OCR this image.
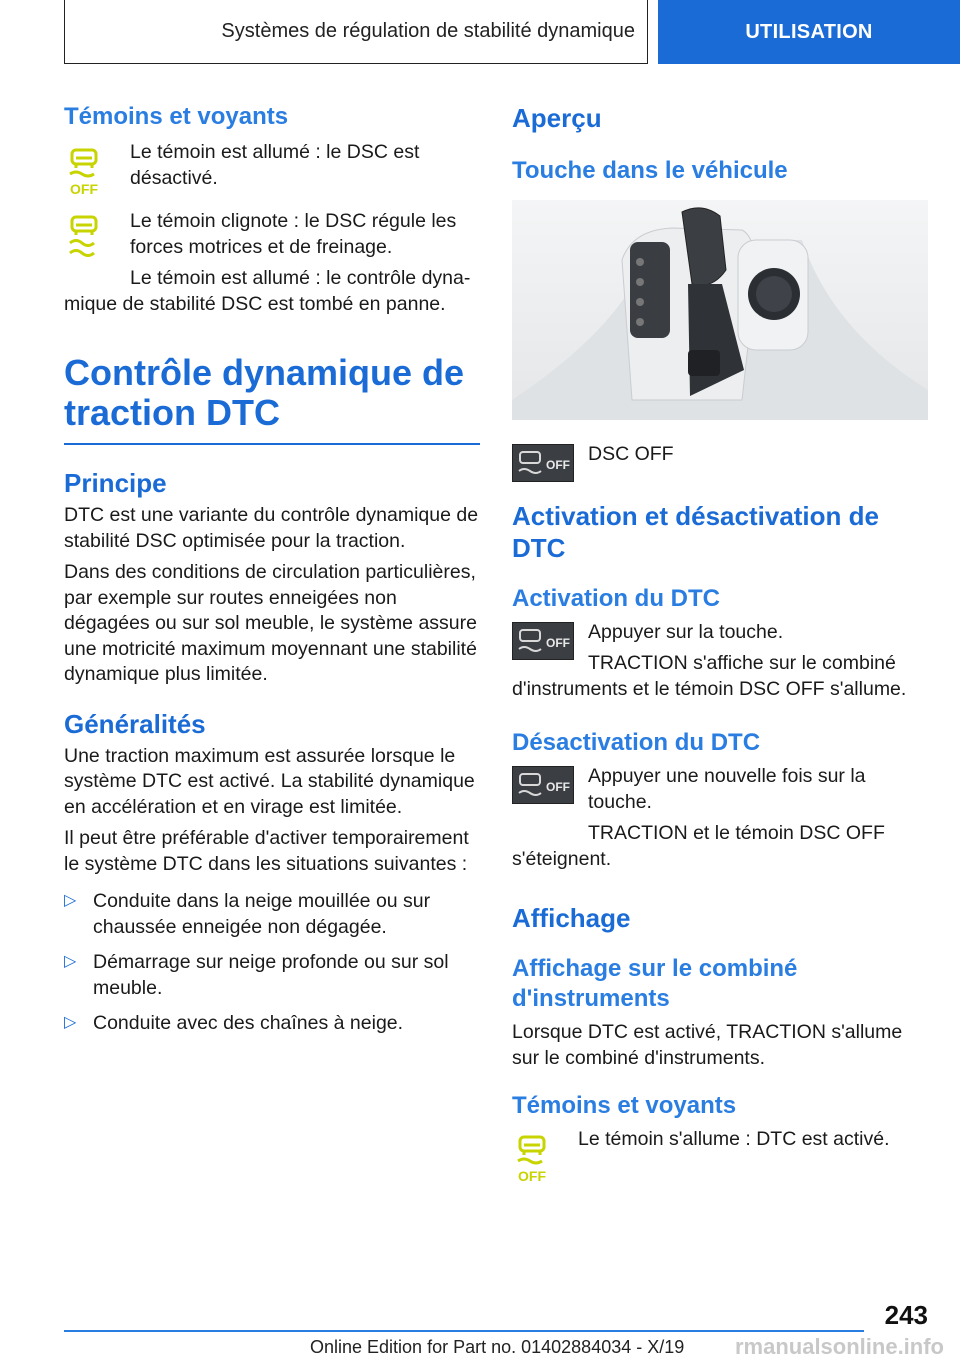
Systèmes de régulation de stabilité dynamique	UTILISATION
Témoins et voyants
OFF

Le témoin est allumé : le DSC est désactivé.

Le témoin clignote : le DSC régule les forces motrices et de freinage.

Le témoin est allumé : le contrôle dynamique de stabilité DSC est tombé en panne.

Contrôle dynamique de traction DTC
Principe

DTC est une variante du contrôle dynamique de stabilité DSC optimisée pour la traction.

Dans des conditions de circulation particulières, par exemple sur routes enneigées non dégagées ou sur sol meuble, le système assure une motricité maximum moyennant une stabilité dynamique plus limitée.

Généralités

Une traction maximum est assurée lorsque le système DTC est activé. La stabilité dynamique en accélération et en virage est limitée.

Il peut être préférable d'activer temporairement le système DTC dans les situations suivantes :

▷ Conduite dans la neige mouillée ou sur chaussée enneigée non dégagée.

▷ Démarrage sur neige profonde ou sur sol meuble.

▷ Conduite avec des chaînes à neige.

Aperçu
Touche dans le véhicule
OFF DSC OFF

Activation et désactivation de DTC
Activation du DTC
OFF Appuyer sur la touche.

TRACTION s'affiche sur le combiné d'instruments et le témoin DSC OFF s'allume.

Désactivation du DTC
OFF Appuyer une nouvelle fois sur la touche.

TRACTION et le témoin DSC OFF s'éteignent.

Affichage
Affichage sur le combiné d'instruments

Lorsque DTC est activé, TRACTION s'allume sur le combiné d'instruments.

Témoins et voyants
OFF

Le témoin s'allume : DTC est activé.

243
Online Edition for Part no. 01402884034 - X/19 rmanualsonline.info
